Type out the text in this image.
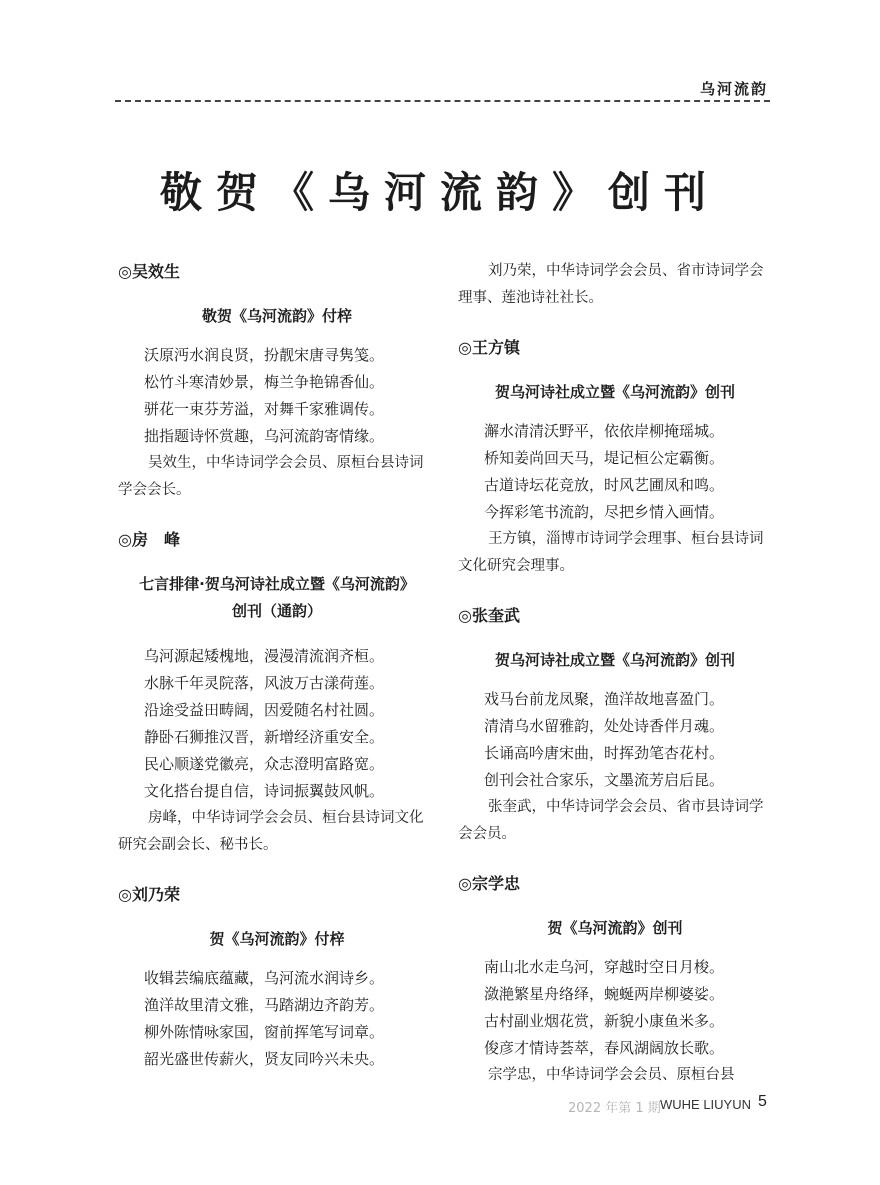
乌河流韵
敬贺《乌河流韵》创刊

◎吴效生

敬贺《乌河流韵》付梓

沃原沔水润良贤，扮靓宋唐寻隽笺。
松竹斗寒清妙景，梅兰争艳锦香仙。
骈花一束芬芳溢，对舞千家雅调传。
拙指题诗怀赏趣，乌河流韵寄情缘。

吴效生，中华诗词学会会员、原桓台县诗词学会会长。

◎房　峰

七言排律·贺乌河诗社成立暨《乌河流韵》

创刊（通韵）

乌河源起矮槐地，漫漫清流润齐桓。
水脉千年灵院落，风波万古漾荷莲。
沿途受益田畴阔，因爱随名村社圆。
静卧石狮推汉晋，新增经济重安全。
民心顺遂党徽亮，众志澄明富路宽。
文化搭台提自信，诗词振翼鼓风帆。

房峰，中华诗词学会会员、桓台县诗词文化研究会副会长、秘书长。

◎刘乃荣

贺《乌河流韵》付梓

收辑芸编底蕴藏，乌河流水润诗乡。
渔洋故里清文雅，马踏湖边齐韵芳。
柳外陈情咏家国，窗前挥笔写词章。
韶光盛世传薪火，贤友同吟兴未央。

刘乃荣，中华诗词学会会员、省市诗词学会理事、莲池诗社社长。

◎王方镇

贺乌河诗社成立暨《乌河流韵》创刊

澥水清清沃野平，依依岸柳掩瑶城。
桥知姜尚回天马，堤记桓公定霸衡。
古道诗坛花竞放，时风艺圃凤和鸣。
今挥彩笔书流韵，尽把乡情入画情。

王方镇，淄博市诗词学会理事、桓台县诗词文化研究会理事。

◎张奎武

贺乌河诗社成立暨《乌河流韵》创刊

戏马台前龙凤聚，渔洋故地喜盈门。
清清乌水留雅韵，处处诗香伴月魂。
长诵高吟唐宋曲，时挥劲笔杏花村。
创刊会社合家乐，文墨流芳启后昆。

张奎武，中华诗词学会会员、省市县诗词学会会员。

◎宗学忠

贺《乌河流韵》创刊

南山北水走乌河，穿越时空日月梭。
潋滟繁星舟络绎，蜿蜒两岸柳婆娑。
古村副业烟花赏，新貌小康鱼米多。
俊彦才情诗荟萃，春风湖阔放长歌。

宗学忠，中华诗词学会会员、原桓台县

2022 年第 1 期 WUHE LIUYUN 5
